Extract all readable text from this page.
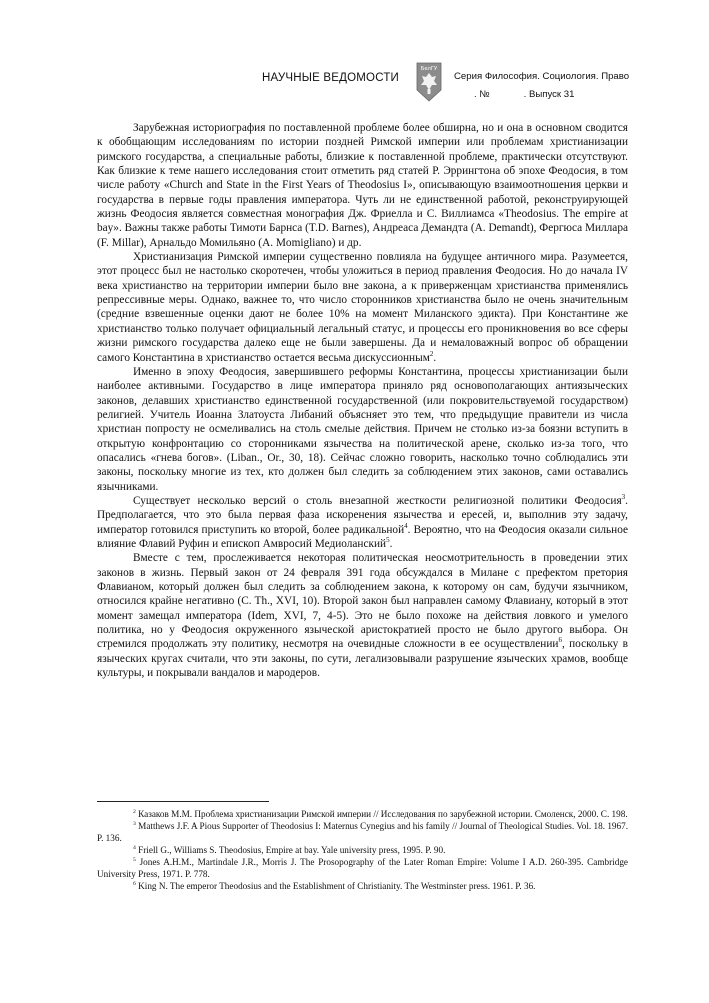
НАУЧНЫЕ ВЕДОМОСТИ
БелГУ
Серия Философия. Социология. Право
. №	. Выпуск 31

Зарубежная историография по поставленной проблеме более обширна, но и она в основном сводится к обобщающим исследованиям по истории поздней Римской империи или проблемам христианизации римского государства, а специальные работы, близкие к поставленной проблеме, практически отсутствуют. Как близкие к теме нашего исследования стоит отметить ряд статей Р. Эррингтона об эпохе Феодосия, в том числе работу «Church and State in the First Years of Theodosius I», описывающую взаимоотношения церкви и государства в первые годы правления императора. Чуть ли не единственной работой, реконструирующей жизнь Феодосия является совместная монография Дж. Фриелла и С. Виллиамса «Theodosius. The empire at bay». Важны также работы Тимоти Барнса (T.D. Barnes), Андреаса Демандта (A. Demandt), Фергюса Миллара (F. Millar), Арнальдо Момильяно (A. Momigliano) и др.

Христианизация Римской империи существенно повлияла на будущее античного мира. Разумеется, этот процесс был не настолько скоротечен, чтобы уложиться в период правления Феодосия. Но до начала IV века христианство на территории империи было вне закона, а к приверженцам христианства применялись репрессивные меры. Однако, важнее то, что число сторонников христианства было не очень значительным (средние взвешенные оценки дают не более 10% на момент Миланского эдикта). При Константине же христианство только получает официальный легальный статус, и процессы его проникновения во все сферы жизни римского государства далеко еще не были завершены. Да и немаловажный вопрос об обращении самого Константина в христианство остается весьма дискуссионным$^2$.

Именно в эпоху Феодосия, завершившего реформы Константина, процессы христианизации были наиболее активными. Государство в лице императора приняло ряд основополагающих антиязыческих законов, делавших христианство единственной государственной (или покровительствуемой государством) религией. Учитель Иоанна Златоуста Либаний объясняет это тем, что предыдущие правители из числа христиан попросту не осмеливались на столь смелые действия. Причем не столько из-за боязни вступить в открытую конфронтацию со сторонниками язычества на политической арене, сколько из-за того, что опасались «гнева богов». (Liban., Or., 30, 18). Сейчас сложно говорить, насколько точно соблюдались эти законы, поскольку многие из тех, кто должен был следить за соблюдением этих законов, сами оставались язычниками.

Существует несколько версий о столь внезапной жесткости религиозной политики Феодосия$^3$. Предполагается, что это была первая фаза искоренения язычества и ересей, и, выполнив эту задачу, император готовился приступить ко второй, более радикальной$^4$. Вероятно, что на Феодосия оказали сильное влияние Флавий Руфин и епископ Амвросий Медиоланский$^5$.

Вместе с тем, прослеживается некоторая политическая неосмотрительность в проведении этих законов в жизнь. Первый закон от 24 февраля 391 года обсуждался в Милане с префектом претория Флавианом, который должен был следить за соблюдением закона, к которому он сам, будучи язычником, относился крайне негативно (C. Th., XVI, 10). Второй закон был направлен самому Флавиану, который в этот момент замещал императора (Idem, XVI, 7, 4-5). Это не было похоже на действия ловкого и умелого политика, но у Феодосия окруженного языческой аристократией просто не было другого выбора. Он стремился продолжать эту политику, несмотря на очевидные сложности в ее осуществлении$^6$, поскольку в языческих кругах считали, что эти законы, по сути, легализовывали разрушение языческих храмов, вообще культуры, и покрывали вандалов и мародеров.

$^2$ Казаков М.М. Проблема христианизации Римской империи // Исследования по зарубежной истории. Смоленск, 2000. С. 198.

$^3$ Matthews J.F. A Pious Supporter of Theodosius I: Maternus Cynegius and his family // Journal of Theological Studies. Vol. 18. 1967. P. 136.

$^4$ Friell G., Williams S. Theodosius, Empire at bay. Yale university press, 1995. P. 90.

$^5$ Jones A.H.M., Martindale J.R., Morris J. The Prosopography of the Later Roman Empire: Volume I A.D. 260-395. Cambridge University Press, 1971. P. 778.

$^6$ King N. The emperor Theodosius and the Establishment of Christianity. The Westminster press. 1961. P. 36.
